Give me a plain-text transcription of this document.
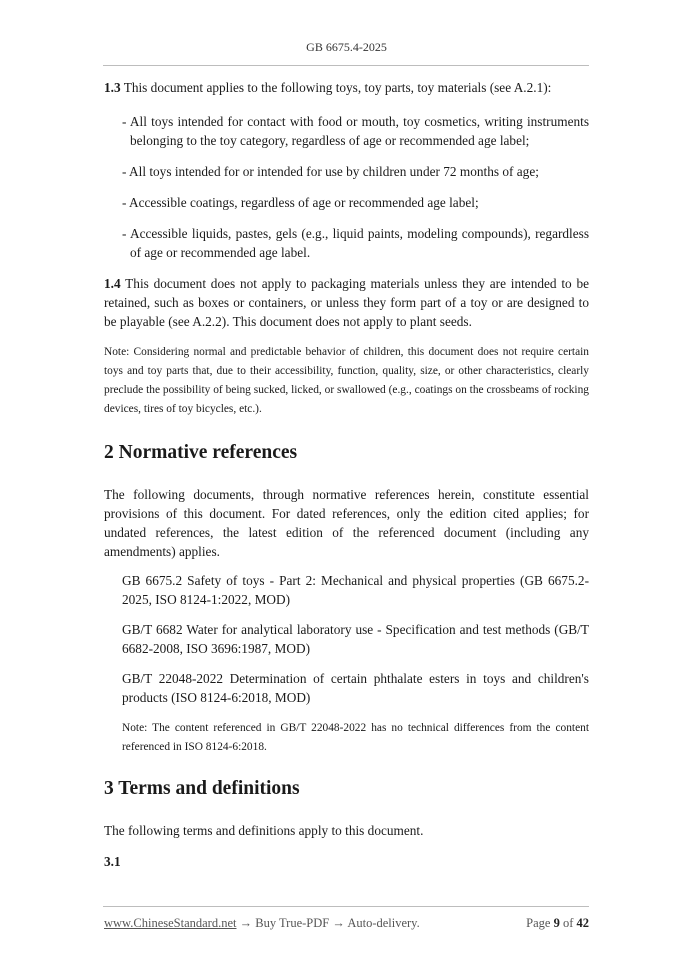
GB 6675.4-2025

1.3 This document applies to the following toys, toy parts, toy materials (see A.2.1):

- All toys intended for contact with food or mouth, toy cosmetics, writing instruments belonging to the toy category, regardless of age or recommended age label;

- All toys intended for or intended for use by children under 72 months of age;

- Accessible coatings, regardless of age or recommended age label;

- Accessible liquids, pastes, gels (e.g., liquid paints, modeling compounds), regardless of age or recommended age label.

1.4 This document does not apply to packaging materials unless they are intended to be retained, such as boxes or containers, or unless they form part of a toy or are designed to be playable (see A.2.2). This document does not apply to plant seeds.

Note: Considering normal and predictable behavior of children, this document does not require certain toys and toy parts that, due to their accessibility, function, quality, size, or other characteristics, clearly preclude the possibility of being sucked, licked, or swallowed (e.g., coatings on the crossbeams of rocking devices, tires of toy bicycles, etc.).

2 Normative references

The following documents, through normative references herein, constitute essential provisions of this document. For dated references, only the edition cited applies; for undated references, the latest edition of the referenced document (including any amendments) applies.

GB 6675.2 Safety of toys - Part 2: Mechanical and physical properties (GB 6675.2-2025, ISO 8124-1:2022, MOD)

GB/T 6682 Water for analytical laboratory use - Specification and test methods (GB/T 6682-2008, ISO 3696:1987, MOD)

GB/T 22048-2022 Determination of certain phthalate esters in toys and children's products (ISO 8124-6:2018, MOD)

Note: The content referenced in GB/T 22048-2022 has no technical differences from the content referenced in ISO 8124-6:2018.

3 Terms and definitions

The following terms and definitions apply to this document.

3.1

www.ChineseStandard.net → Buy True-PDF → Auto-delivery.	Page 9 of 42
